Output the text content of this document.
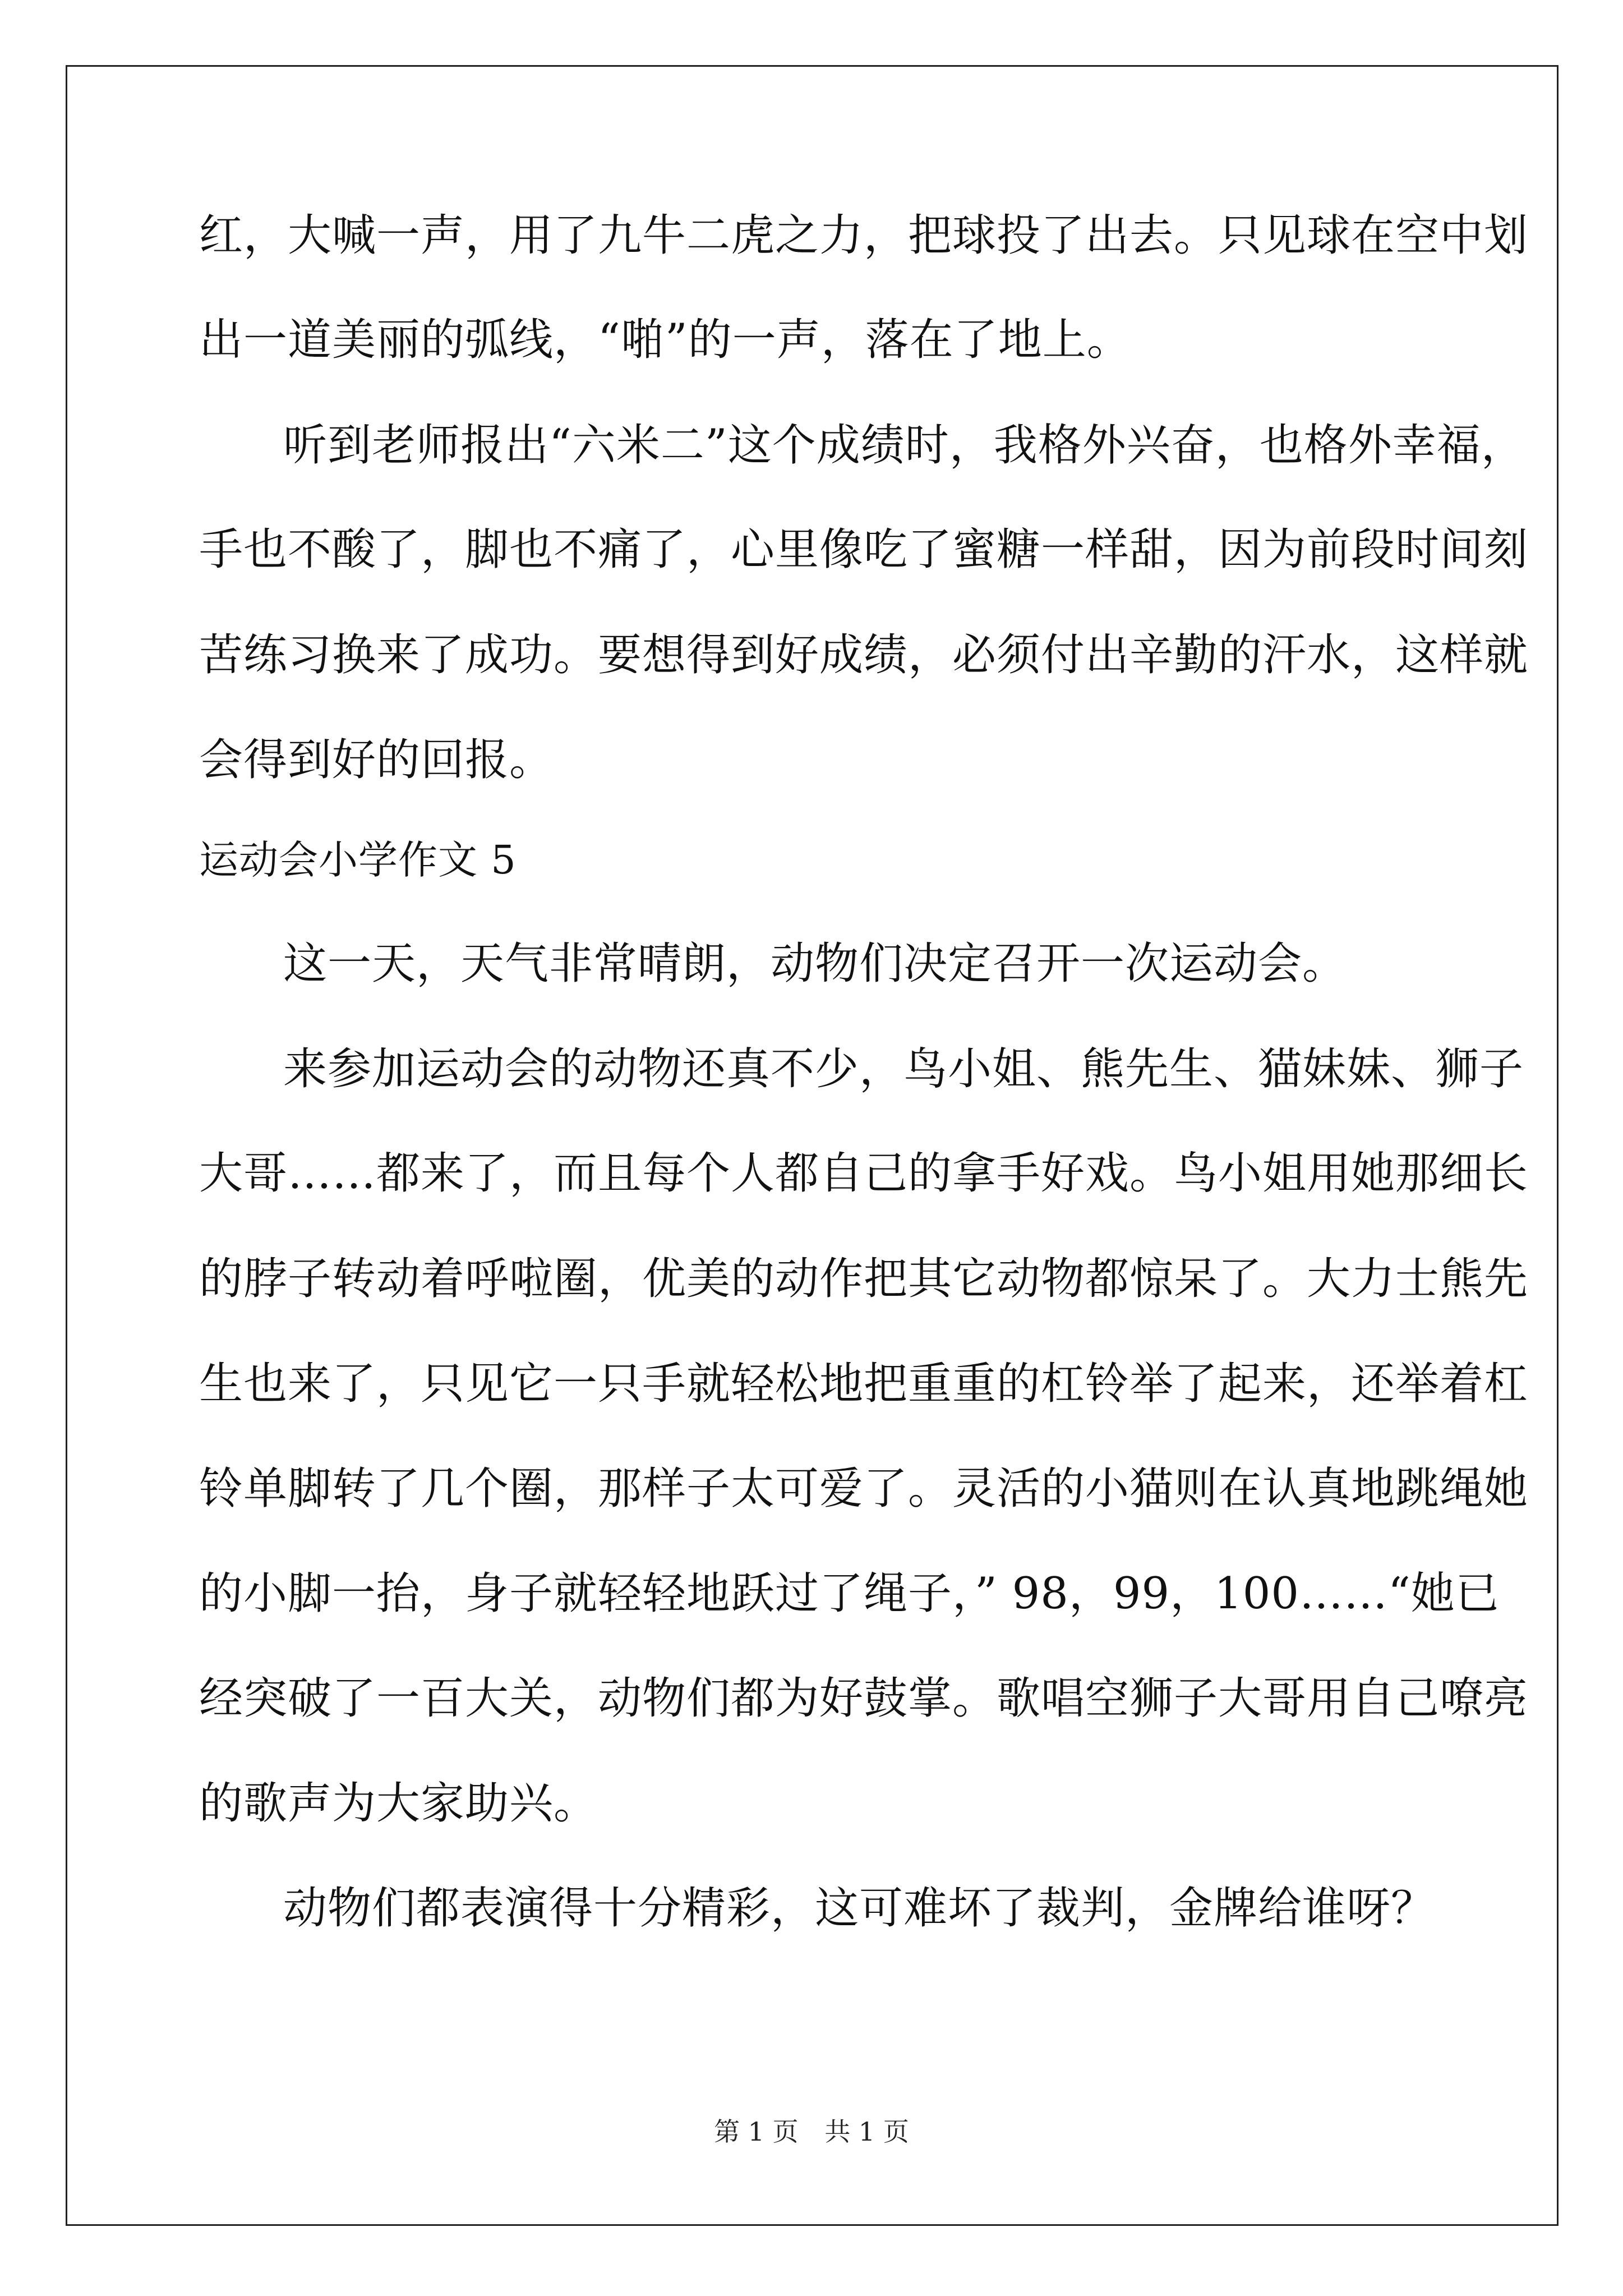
红，大喊一声，用了九牛二虎之力，把球投了出去。只见球在空中划
出一道美丽的弧线，“啪”的一声，落在了地上。
听到老师报出“六米二”这个成绩时，我格外兴奋，也格外幸福，
手也不酸了，脚也不痛了，心里像吃了蜜糖一样甜，因为前段时间刻
苦练习换来了成功。要想得到好成绩，必须付出辛勤的汗水，这样就
会得到好的回报。
运动会小学作文 5
这一天，天气非常晴朗，动物们决定召开一次运动会。
来参加运动会的动物还真不少，鸟小姐、熊先生、猫妹妹、狮子
大哥……都来了，而且每个人都自己的拿手好戏。鸟小姐用她那细长
的脖子转动着呼啦圈，优美的动作把其它动物都惊呆了。大力士熊先
生也来了，只见它一只手就轻松地把重重的杠铃举了起来，还举着杠
铃单脚转了几个圈，那样子太可爱了。灵活的小猫则在认真地跳绳她
的小脚一抬，身子就轻轻地跃过了绳子，” 98，99，100……“她已
经突破了一百大关，动物们都为好鼓掌。歌唱空狮子大哥用自己嘹亮
的歌声为大家助兴。
动物们都表演得十分精彩，这可难坏了裁判，金牌给谁呀？
第 1 页 共 1 页
